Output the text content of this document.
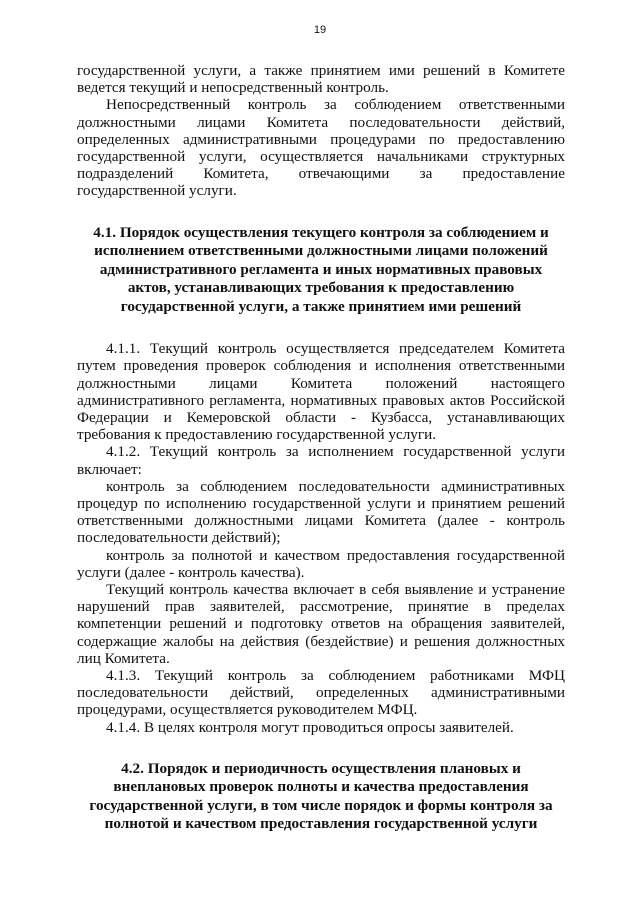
19

государственной услуги, а также принятием ими решений в Комитете ведется текущий и непосредственный контроль.

Непосредственный контроль за соблюдением ответственными должностными лицами Комитета последовательности действий, определенных административными процедурами по предоставлению государственной услуги, осуществляется начальниками структурных подразделений Комитета, отвечающими за предоставление государственной услуги.

4.1. Порядок осуществления текущего контроля за соблюдением и исполнением ответственными должностными лицами положений административного регламента и иных нормативных правовых актов, устанавливающих требования к предоставлению государственной услуги, а также принятием ими решений

4.1.1. Текущий контроль осуществляется председателем Комитета путем проведения проверок соблюдения и исполнения ответственными должностными лицами Комитета положений настоящего административного регламента, нормативных правовых актов Российской Федерации и Кемеровской области - Кузбасса, устанавливающих требования к предоставлению государственной услуги.

4.1.2. Текущий контроль за исполнением государственной услуги включает:

контроль за соблюдением последовательности административных процедур по исполнению государственной услуги и принятием решений ответственными должностными лицами Комитета (далее - контроль последовательности действий);

контроль за полнотой и качеством предоставления государственной услуги (далее - контроль качества).

Текущий контроль качества включает в себя выявление и устранение нарушений прав заявителей, рассмотрение, принятие в пределах компетенции решений и подготовку ответов на обращения заявителей, содержащие жалобы на действия (бездействие) и решения должностных лиц Комитета.

4.1.3. Текущий контроль за соблюдением работниками МФЦ последовательности действий, определенных административными процедурами, осуществляется руководителем МФЦ.

4.1.4. В целях контроля могут проводиться опросы заявителей.

4.2. Порядок и периодичность осуществления плановых и внеплановых проверок полноты и качества предоставления государственной услуги, в том числе порядок и формы контроля за полнотой и качеством предоставления государственной услуги
